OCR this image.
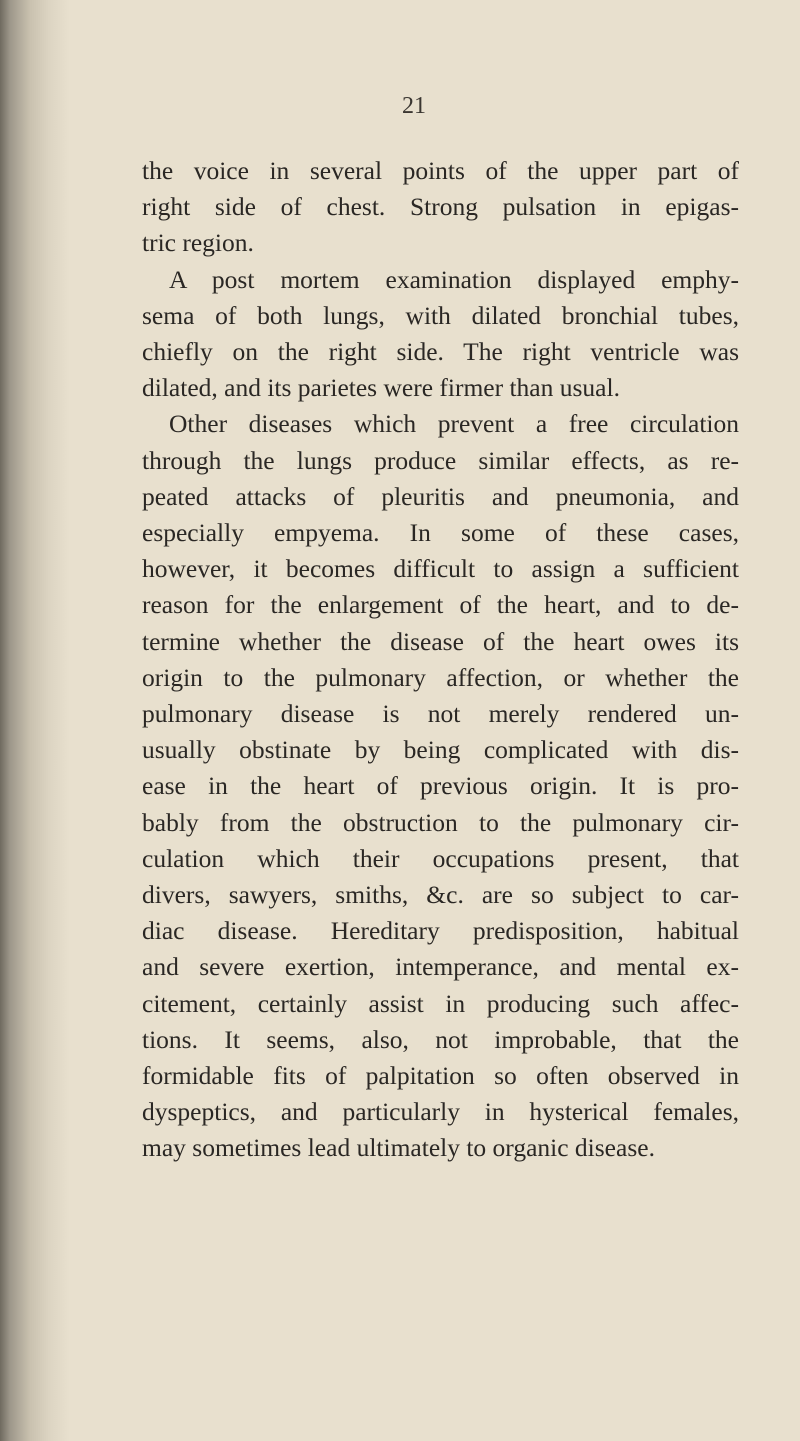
21
the voice in several points of the upper part of
right side of chest. Strong pulsation in epigas-
tric region.
A post mortem examination displayed emphy-
sema of both lungs, with dilated bronchial tubes,
chiefly on the right side. The right ventricle was
dilated, and its parietes were firmer than usual.
Other diseases which prevent a free circulation
through the lungs produce similar effects, as re-
peated attacks of pleuritis and pneumonia, and
especially empyema. In some of these cases,
however, it becomes difficult to assign a sufficient
reason for the enlargement of the heart, and to de-
termine whether the disease of the heart owes its
origin to the pulmonary affection, or whether the
pulmonary disease is not merely rendered un-
usually obstinate by being complicated with dis-
ease in the heart of previous origin. It is pro-
bably from the obstruction to the pulmonary cir-
culation which their occupations present, that
divers, sawyers, smiths, &c. are so subject to car-
diac disease. Hereditary predisposition, habitual
and severe exertion, intemperance, and mental ex-
citement, certainly assist in producing such affec-
tions. It seems, also, not improbable, that the
formidable fits of palpitation so often observed in
dyspeptics, and particularly in hysterical females,
may sometimes lead ultimately to organic disease.
